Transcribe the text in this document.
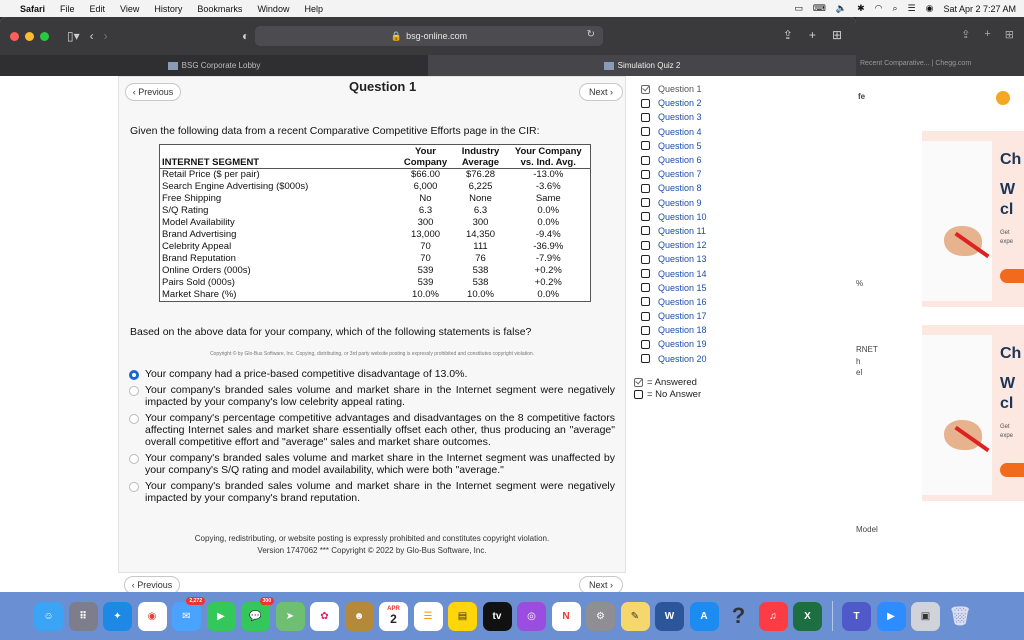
Safari File Edit View History Bookmarks Window Help	▭ ⌨ 🔈 ✱ ◠ ⌕ ☰ ◉ Sat Apr 2 7:27 AM
▯▾ ‹ ›	◐	🔒 bsg-online.com	↻	⇪ + ⊞
BSG Corporate Lobby	Simulation Quiz 2
‹ Previous	Question 1	Next ›
Given the following data from a recent Comparative Competitive Efforts page in the CIR:
INTERNET SEGMENT	Your Company	Industry Average	Your Company vs. Ind. Avg.
Retail Price ($ per pair)	$66.00	$76.28	-13.0%
Search Engine Advertising ($000s)	6,000	6,225	-3.6%
Free Shipping	No	None	Same
S/Q Rating	6.3	6.3	0.0%
Model Availability	300	300	0.0%
Brand Advertising	13,000	14,350	-9.4%
Celebrity Appeal	70	111	-36.9%
Brand Reputation	70	76	-7.9%
Online Orders (000s)	539	538	+0.2%
Pairs Sold (000s)	539	538	+0.2%
Market Share (%)	10.0%	10.0%	0.0%
Based on the above data for your company, which of the following statements is false?
Copyright © by Glo-Bus Software, Inc. Copying, distributing, or 3rd party website posting is expressly prohibited and constitutes copyright violation.
Your company had a price-based competitive disadvantage of 13.0%.
Your company's branded sales volume and market share in the Internet segment were negatively impacted by your company's low celebrity appeal rating.
Your company's percentage competitive advantages and disadvantages on the 8 competitive factors affecting Internet sales and market share essentially offset each other, thus producing an "average" overall competitive effort and "average" sales and market share outcomes.
Your company's branded sales volume and market share in the Internet segment was unaffected by your company's S/Q rating and model availability, which were both "average."
Your company's branded sales volume and market share in the Internet segment were negatively impacted by your company's brand reputation.
Copying, redistributing, or website posting is expressly prohibited and constitutes copyright violation.
Version 1747062 *** Copyright © 2022 by Glo-Bus Software, Inc.
Question 1
Question 2
Question 3
Question 4
Question 5
Question 6
Question 7
Question 8
Question 9
Question 10
Question 11
Question 12
Question 13
Question 14
Question 15
Question 16
Question 17
Question 18
Question 19
Question 20
= Answered
= No Answer
‹ Previous	Next ›
⇪ + ⊞
Recent Comparative... | Chegg.com
fe
%
RNET
h
el
Model
Ch
W
cl
Get
expe
Ch
W
cl
Get
expe
☺	⠿	✦	◉	✉
2,272
▶	💬
300
➤	✿	☻
APR
2	☰	▤	tv	◎	N	⚙	✎	W	A	?	♫	X	T	▶	▣	🗑
